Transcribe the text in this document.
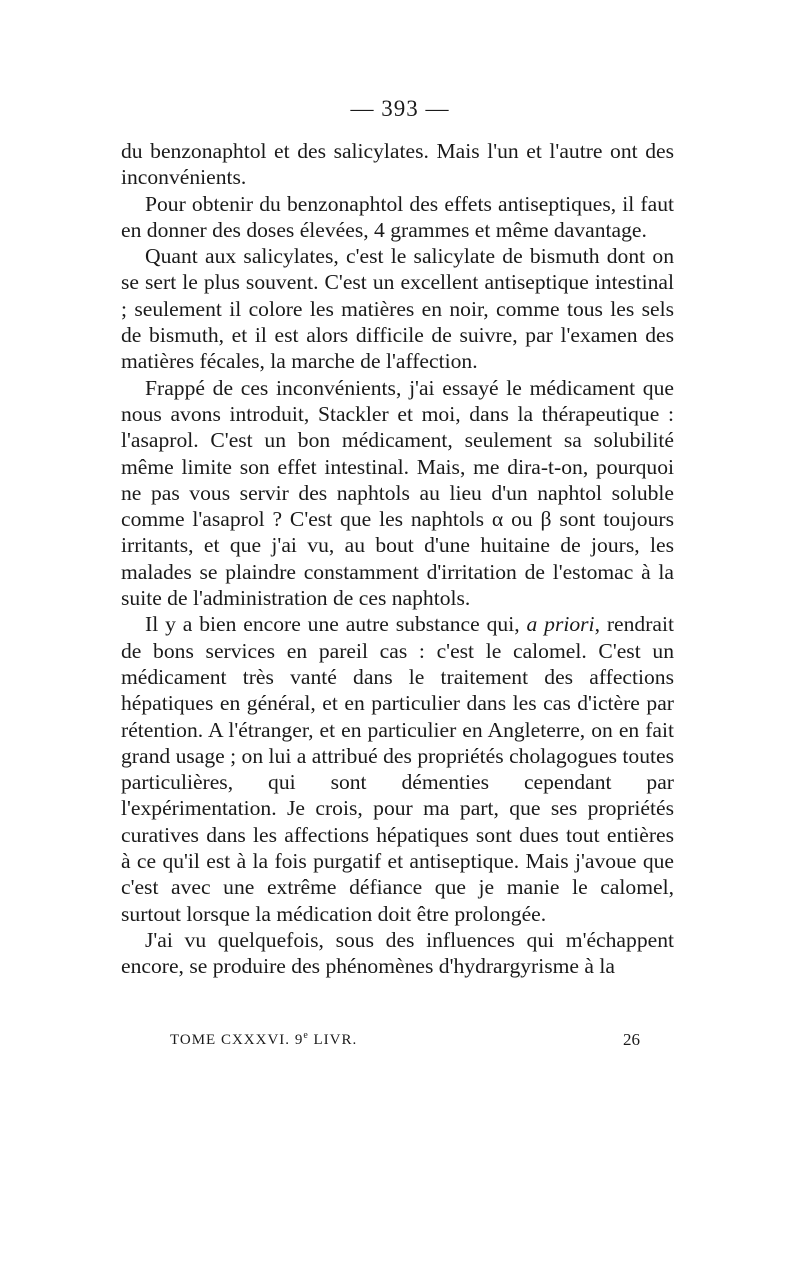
— 393 —

du benzonaphtol et des salicylates. Mais l'un et l'autre ont des inconvénients.

Pour obtenir du benzonaphtol des effets antiseptiques, il faut en donner des doses élevées, 4 grammes et même davantage.

Quant aux salicylates, c'est le salicylate de bismuth dont on se sert le plus souvent. C'est un excellent antiseptique intestinal ; seulement il colore les matières en noir, comme tous les sels de bismuth, et il est alors difficile de suivre, par l'examen des matières fécales, la marche de l'affection.

Frappé de ces inconvénients, j'ai essayé le médicament que nous avons introduit, Stackler et moi, dans la thérapeutique : l'asaprol. C'est un bon médicament, seulement sa solubilité même limite son effet intestinal. Mais, me dira-t-on, pourquoi ne pas vous servir des naphtols au lieu d'un naphtol soluble comme l'asaprol ? C'est que les naphtols α ou β sont toujours irritants, et que j'ai vu, au bout d'une huitaine de jours, les malades se plaindre constamment d'irritation de l'estomac à la suite de l'administration de ces naphtols.

Il y a bien encore une autre substance qui, a priori, rendrait de bons services en pareil cas : c'est le calomel. C'est un médicament très vanté dans le traitement des affections hépatiques en général, et en particulier dans les cas d'ictère par rétention. A l'étranger, et en particulier en Angleterre, on en fait grand usage ; on lui a attribué des propriétés cholagogues toutes particulières, qui sont démenties cependant par l'expérimentation. Je crois, pour ma part, que ses propriétés curatives dans les affections hépatiques sont dues tout entières à ce qu'il est à la fois purgatif et antiseptique. Mais j'avoue que c'est avec une extrême défiance que je manie le calomel, surtout lorsque la médication doit être prolongée.

J'ai vu quelquefois, sous des influences qui m'échappent encore, se produire des phénomènes d'hydrargyrisme à la

TOME CXXXVI. 9e LIVR.	26
